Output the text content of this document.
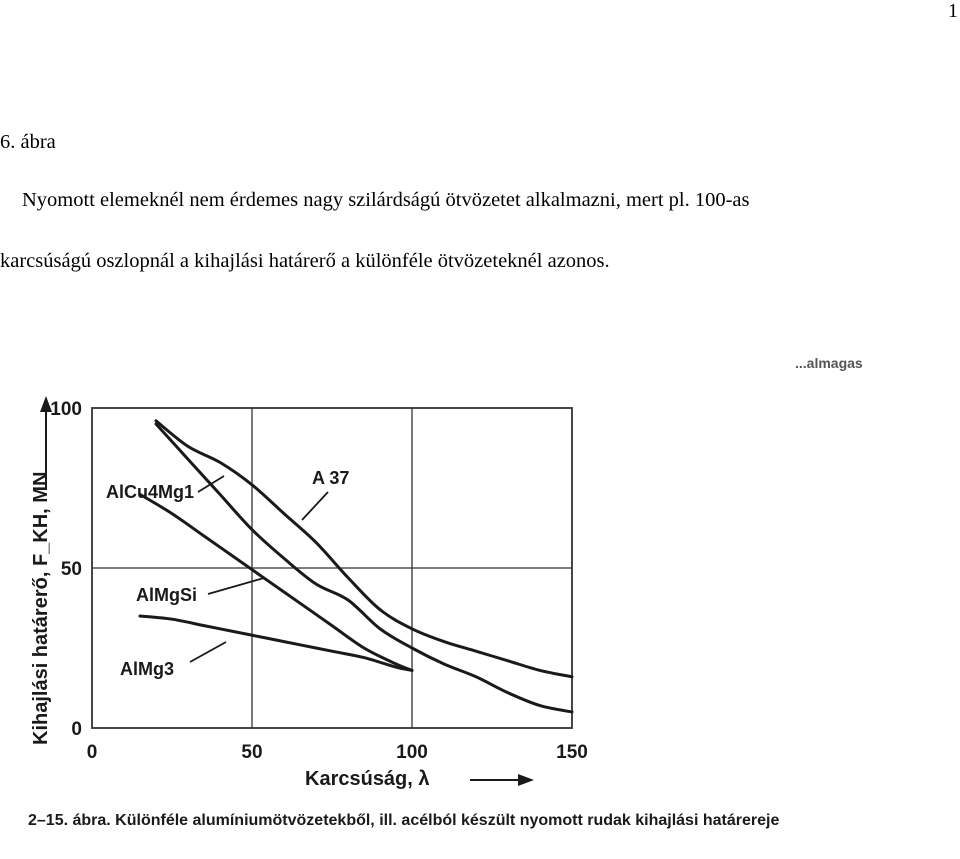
1
6. ábra
Nyomott elemeknél nem érdemes nagy szilárdságú ötvözetet alkalmazni, mert pl. 100-as
karcsúságú oszlopnál a kihajlási határerő a különféle ötvözeteknél azonos.
...almagas
0	50	100	150
0
50
100
A 37
AlCu4Mg1
AlMgSi
AlMg3
Kihajlási határerő, F_KH, MN
Karcsúság, λ
2–15. ábra. Különféle alumíniumötvözetekből, ill. acélból készült nyomott rudak kihajlási határereje
